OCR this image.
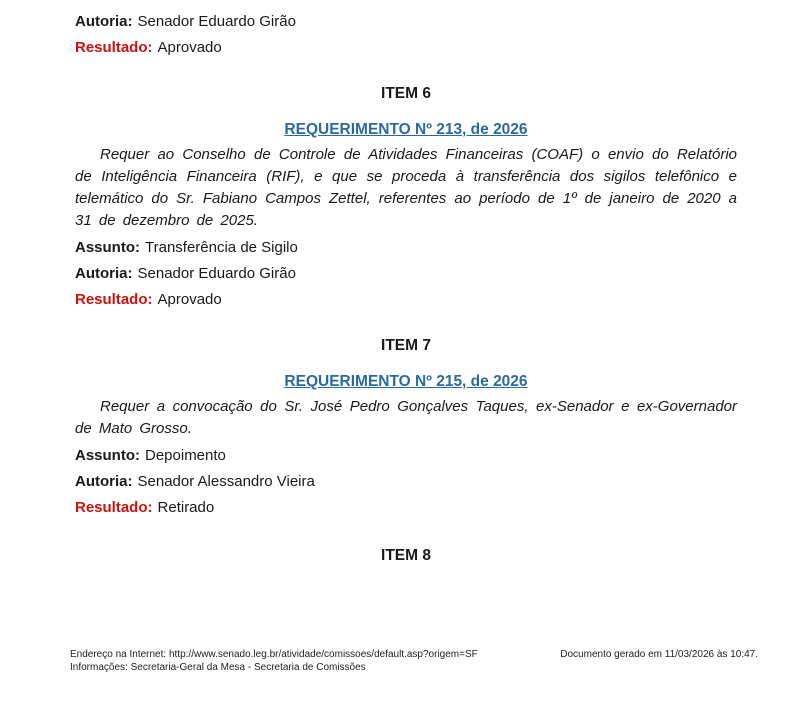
Autoria: Senador Eduardo Girão

Resultado: Aprovado

ITEM 6

REQUERIMENTO Nº 213, de 2026

Requer ao Conselho de Controle de Atividades Financeiras (COAF) o envio do Relatório de Inteligência Financeira (RIF), e que se proceda à transferência dos sigilos telefônico e telemático do Sr. Fabiano Campos Zettel, referentes ao período de 1º de janeiro de 2020 a 31 de dezembro de 2025.

Assunto: Transferência de Sigilo

Autoria: Senador Eduardo Girão

Resultado: Aprovado

ITEM 7

REQUERIMENTO Nº 215, de 2026

Requer a convocação do Sr. José Pedro Gonçalves Taques, ex-Senador e ex-Governador de Mato Grosso.

Assunto: Depoimento

Autoria: Senador Alessandro Vieira

Resultado: Retirado

ITEM 8
Endereço na Internet: http://www.senado.leg.br/atividade/comissoes/default.asp?origem=SF
Informações: Secretaria-Geral da Mesa - Secretaria de Comissões
Documento gerado em 11/03/2026 às 10:47.
